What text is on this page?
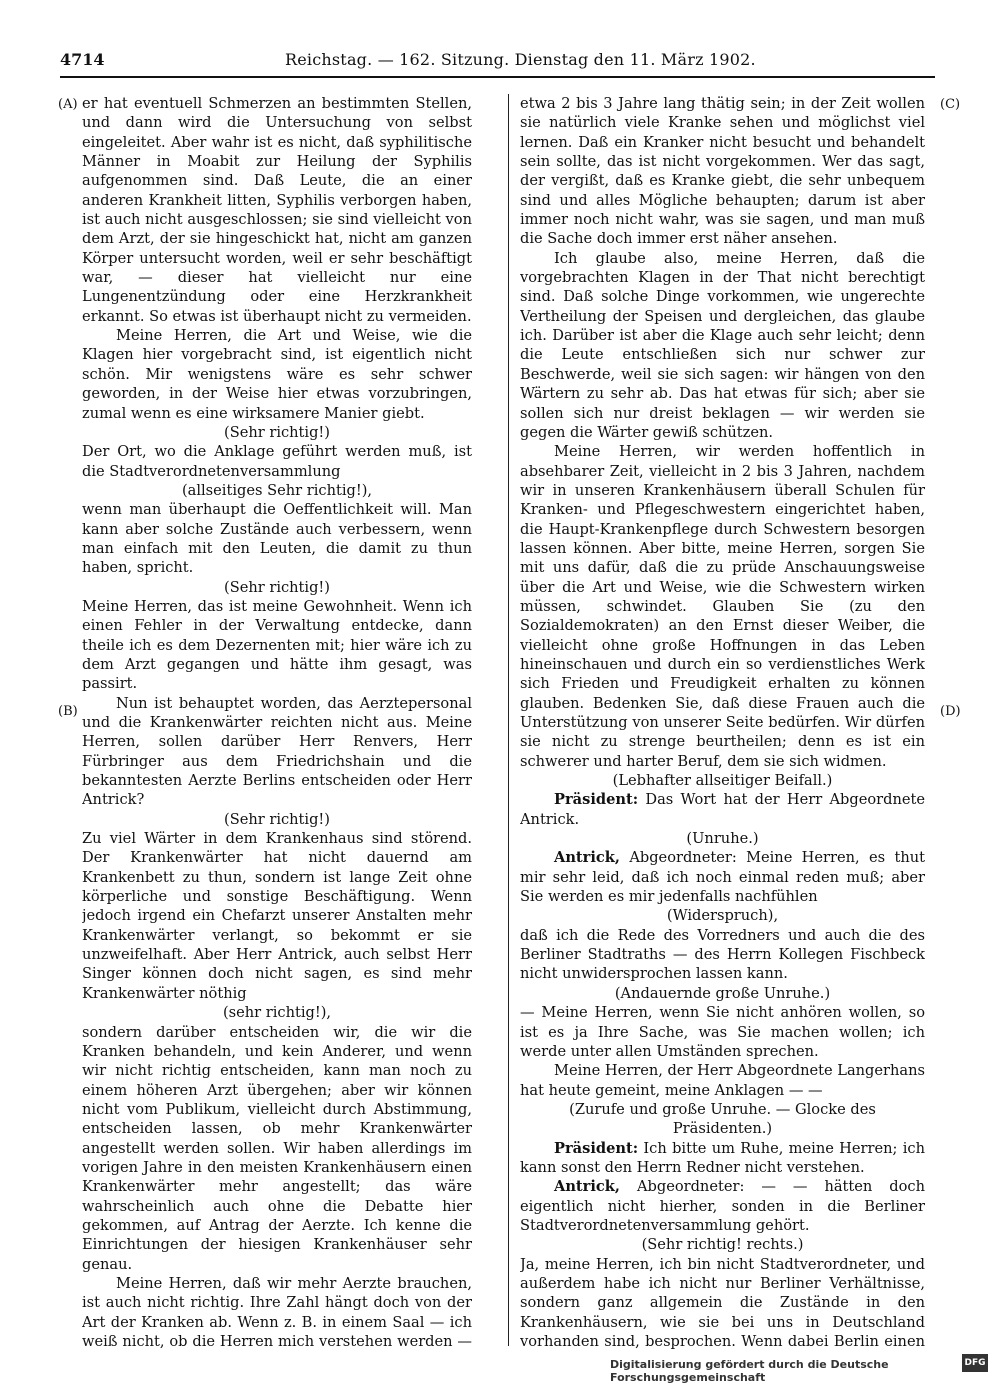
4714	Reichstag. — 162. Sitzung. Dienstag den 11. März 1902.
(A)
(B)
(C)
(D)

er hat eventuell Schmerzen an bestimmten Stellen, und dann wird die Untersuchung von selbst eingeleitet. Aber wahr ist es nicht, daß syphilitische Männer in Moabit zur Heilung der Syphilis aufgenommen sind. Daß Leute, die an einer anderen Krankheit litten, Syphilis verborgen haben, ist auch nicht ausgeschlossen; sie sind vielleicht von dem Arzt, der sie hingeschickt hat, nicht am ganzen Körper untersucht worden, weil er sehr beschäftigt war, — dieser hat vielleicht nur eine Lungenentzündung oder eine Herzkrankheit erkannt. So etwas ist überhaupt nicht zu vermeiden.

Meine Herren, die Art und Weise, wie die Klagen hier vorgebracht sind, ist eigentlich nicht schön. Mir wenigstens wäre es sehr schwer geworden, in der Weise hier etwas vorzubringen, zumal wenn es eine wirksamere Manier giebt.

(Sehr richtig!)

Der Ort, wo die Anklage geführt werden muß, ist die Stadtverordnetenversammlung

(allseitiges Sehr richtig!),

wenn man überhaupt die Oeffentlichkeit will. Man kann aber solche Zustände auch verbessern, wenn man einfach mit den Leuten, die damit zu thun haben, spricht.

(Sehr richtig!)

Meine Herren, das ist meine Gewohnheit. Wenn ich einen Fehler in der Verwaltung entdecke, dann theile ich es dem Dezernenten mit; hier wäre ich zu dem Arzt gegangen und hätte ihm gesagt, was passirt.

Nun ist behauptet worden, das Aerztepersonal und die Krankenwärter reichten nicht aus. Meine Herren, sollen darüber Herr Renvers, Herr Fürbringer aus dem Friedrichshain und die bekanntesten Aerzte Berlins entscheiden oder Herr Antrick?

(Sehr richtig!)

Zu viel Wärter in dem Krankenhaus sind störend. Der Krankenwärter hat nicht dauernd am Krankenbett zu thun, sondern ist lange Zeit ohne körperliche und sonstige Beschäftigung. Wenn jedoch irgend ein Chefarzt unserer Anstalten mehr Krankenwärter verlangt, so bekommt er sie unzweifelhaft. Aber Herr Antrick, auch selbst Herr Singer können doch nicht sagen, es sind mehr Krankenwärter nöthig

(sehr richtig!),

sondern darüber entscheiden wir, die wir die Kranken behandeln, und kein Anderer, und wenn wir nicht richtig entscheiden, kann man noch zu einem höheren Arzt übergehen; aber wir können nicht vom Publikum, vielleicht durch Abstimmung, entscheiden lassen, ob mehr Krankenwärter angestellt werden sollen. Wir haben allerdings im vorigen Jahre in den meisten Krankenhäusern einen Krankenwärter mehr angestellt; das wäre wahrscheinlich auch ohne die Debatte hier gekommen, auf Antrag der Aerzte. Ich kenne die Einrichtungen der hiesigen Krankenhäuser sehr genau.

Meine Herren, daß wir mehr Aerzte brauchen, ist auch nicht richtig. Ihre Zahl hängt doch von der Art der Kranken ab. Wenn z. B. in einem Saal — ich weiß nicht, ob die Herren mich verstehen werden —

etwa 2 bis 3 Jahre lang thätig sein; in der Zeit wollen sie natürlich viele Kranke sehen und möglichst viel lernen. Daß ein Kranker nicht besucht und behandelt sein sollte, das ist nicht vorgekommen. Wer das sagt, der vergißt, daß es Kranke giebt, die sehr unbequem sind und alles Mögliche behaupten; darum ist aber immer noch nicht wahr, was sie sagen, und man muß die Sache doch immer erst näher ansehen.

Ich glaube also, meine Herren, daß die vorgebrachten Klagen in der That nicht berechtigt sind. Daß solche Dinge vorkommen, wie ungerechte Vertheilung der Speisen und dergleichen, das glaube ich. Darüber ist aber die Klage auch sehr leicht; denn die Leute entschließen sich nur schwer zur Beschwerde, weil sie sich sagen: wir hängen von den Wärtern zu sehr ab. Das hat etwas für sich; aber sie sollen sich nur dreist beklagen — wir werden sie gegen die Wärter gewiß schützen.

Meine Herren, wir werden hoffentlich in absehbarer Zeit, vielleicht in 2 bis 3 Jahren, nachdem wir in unseren Krankenhäusern überall Schulen für Kranken- und Pflegeschwestern eingerichtet haben, die Haupt-Krankenpflege durch Schwestern besorgen lassen können. Aber bitte, meine Herren, sorgen Sie mit uns dafür, daß die zu prüde Anschauungsweise über die Art und Weise, wie die Schwestern wirken müssen, schwindet. Glauben Sie (zu den Sozialdemokraten) an den Ernst dieser Weiber, die vielleicht ohne große Hoffnungen in das Leben hineinschauen und durch ein so verdienstliches Werk sich Frieden und Freudigkeit erhalten zu können glauben. Bedenken Sie, daß diese Frauen auch die Unterstützung von unserer Seite bedürfen. Wir dürfen sie nicht zu strenge beurtheilen; denn es ist ein schwerer und harter Beruf, dem sie sich widmen.

(Lebhafter allseitiger Beifall.)

Präsident: Das Wort hat der Herr Abgeordnete Antrick.

(Unruhe.)

Antrick, Abgeordneter: Meine Herren, es thut mir sehr leid, daß ich noch einmal reden muß; aber Sie werden es mir jedenfalls nachfühlen

(Widerspruch),

daß ich die Rede des Vorredners und auch die des Berliner Stadtraths — des Herrn Kollegen Fischbeck nicht unwidersprochen lassen kann.

(Andauernde große Unruhe.)

— Meine Herren, wenn Sie nicht anhören wollen, so ist es ja Ihre Sache, was Sie machen wollen; ich werde unter allen Umständen sprechen.

Meine Herren, der Herr Abgeordnete Langerhans hat heute gemeint, meine Anklagen — —

(Zurufe und große Unruhe. — Glocke des Präsidenten.)

Präsident: Ich bitte um Ruhe, meine Herren; ich kann sonst den Herrn Redner nicht verstehen.

Antrick, Abgeordneter: — — hätten doch eigentlich nicht hierher, sonden in die Berliner Stadtverordnetenversammlung gehört.

(Sehr richtig! rechts.)

Ja, meine Herren, ich bin nicht Stadtverordneter, und außerdem habe ich nicht nur Berliner Verhältnisse, sondern ganz allgemein die Zustände in den Krankenhäusern, wie sie bei uns in Deutschland vorhanden sind, besprochen. Wenn dabei Berlin einen

Digitalisierung gefördert durch die Deutsche Forschungsgemeinschaft
DFG
